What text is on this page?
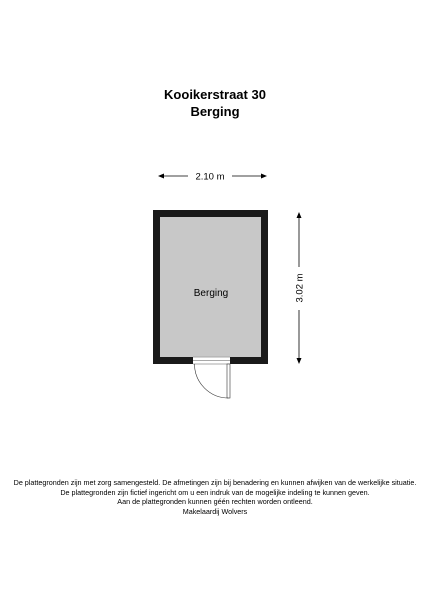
Kooikerstraat 30
Berging
2.10 m
Berging	3.02 m
De plattegronden zijn met zorg samengesteld. De afmetingen zijn bij benadering en kunnen afwijken van de werkelijke situatie.
De plattegronden zijn fictief ingericht om u een indruk van de mogelijke indeling te kunnen geven.
Aan de plattegronden kunnen géén rechten worden ontleend.
Makelaardij Wolvers
